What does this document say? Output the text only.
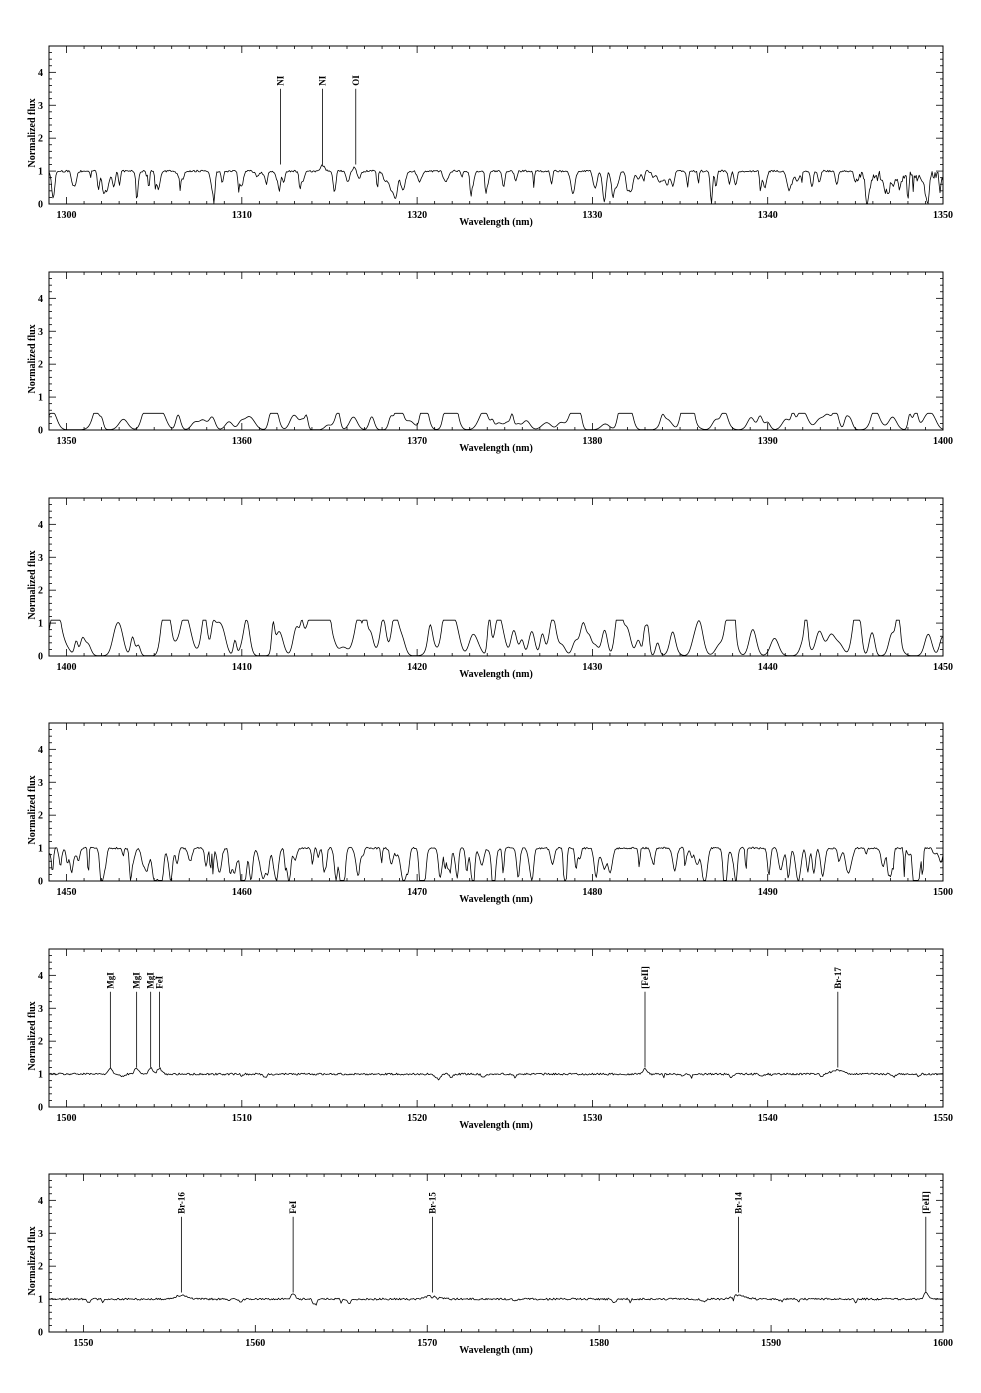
1300	1310	1320	1330	1340	1350
0
1
2
3
4
Wavelength (nm)
Normalized flux
NI	NI	OI
1350	1360	1370	1380	1390	1400
0
1
2
3
4
Wavelength (nm)
Normalized flux
1400	1410	1420	1430	1440	1450
0
1
2
3
4
Wavelength (nm)
Normalized flux
1450	1460	1470	1480	1490	1500
0
1
2
3
4
Wavelength (nm)
Normalized flux
1500	1510	1520	1530	1540	1550
0
1
2
3
4
Wavelength (nm)
Normalized flux
MgI MgI MgI
FeI	[FeII]	Br-17
1550	1560	1570	1580	1590	1600
0
1
2
3
4
Wavelength (nm)
Normalized flux
Br-16	FeI	Br-15	Br-14	[FeII]
